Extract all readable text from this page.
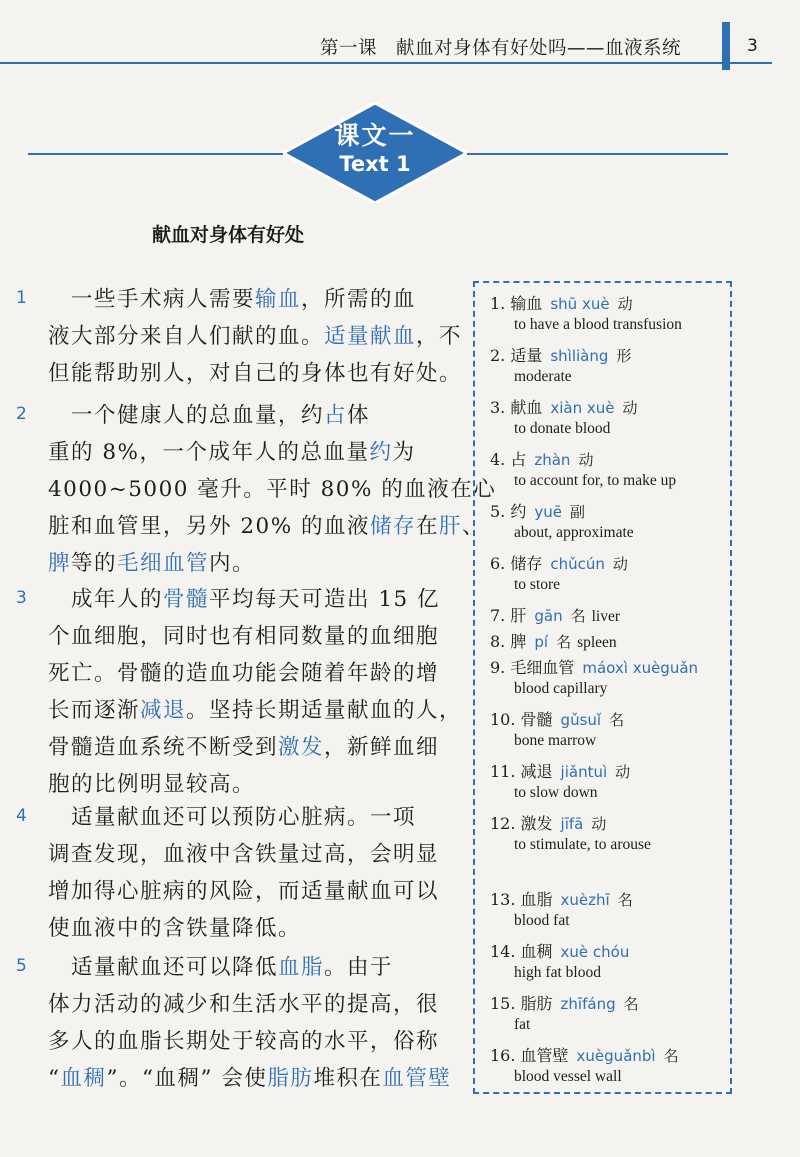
第一课　献血对身体有好处吗——血液系统	3
课文一
Text 1
献血对身体有好处
1 　一些手术病人需要输血，所需的血
液大部分来自人们献的血。适量献血，不
但能帮助别人，对自己的身体也有好处。
2 　一个健康人的总血量，约占体
重的 8%，一个成年人的总血量约为
4000~5000 毫升。平时 80% 的血液在心
脏和血管里，另外 20% 的血液储存在肝、
脾等的毛细血管内。
3 　成年人的骨髓平均每天可造出 15 亿
个血细胞，同时也有相同数量的血细胞
死亡。骨髓的造血功能会随着年龄的增
长而逐渐减退。坚持长期适量献血的人，
骨髓造血系统不断受到激发，新鲜血细
胞的比例明显较高。
4 　适量献血还可以预防心脏病。一项
调查发现，血液中含铁量过高，会明显
增加得心脏病的风险，而适量献血可以
使血液中的含铁量降低。
5 　适量献血还可以降低血脂。由于
体力活动的减少和生活水平的提高，很
多人的血脂长期处于较高的水平，俗称
“血稠”。“血稠” 会使脂肪堆积在血管壁
1. 输血 shū xuè 动
to have a blood transfusion
2. 适量 shìliàng 形
moderate
3. 献血 xiàn xuè 动
to donate blood
4. 占 zhàn 动
to account for, to make up
5. 约 yuē 副
about, approximate
6. 储存 chǔcún 动
to store
7. 肝 gān 名 liver
8. 脾 pí 名 spleen
9. 毛细血管 máoxì xuèguǎn
blood capillary
10. 骨髓 gǔsuǐ 名
bone marrow
11. 减退 jiǎntuì 动
to slow down
12. 激发 jīfā 动
to stimulate, to arouse
13. 血脂 xuèzhī 名
blood fat
14. 血稠 xuè chóu
high fat blood
15. 脂肪 zhīfáng 名
fat
16. 血管壁 xuèguǎnbì 名
blood vessel wall
